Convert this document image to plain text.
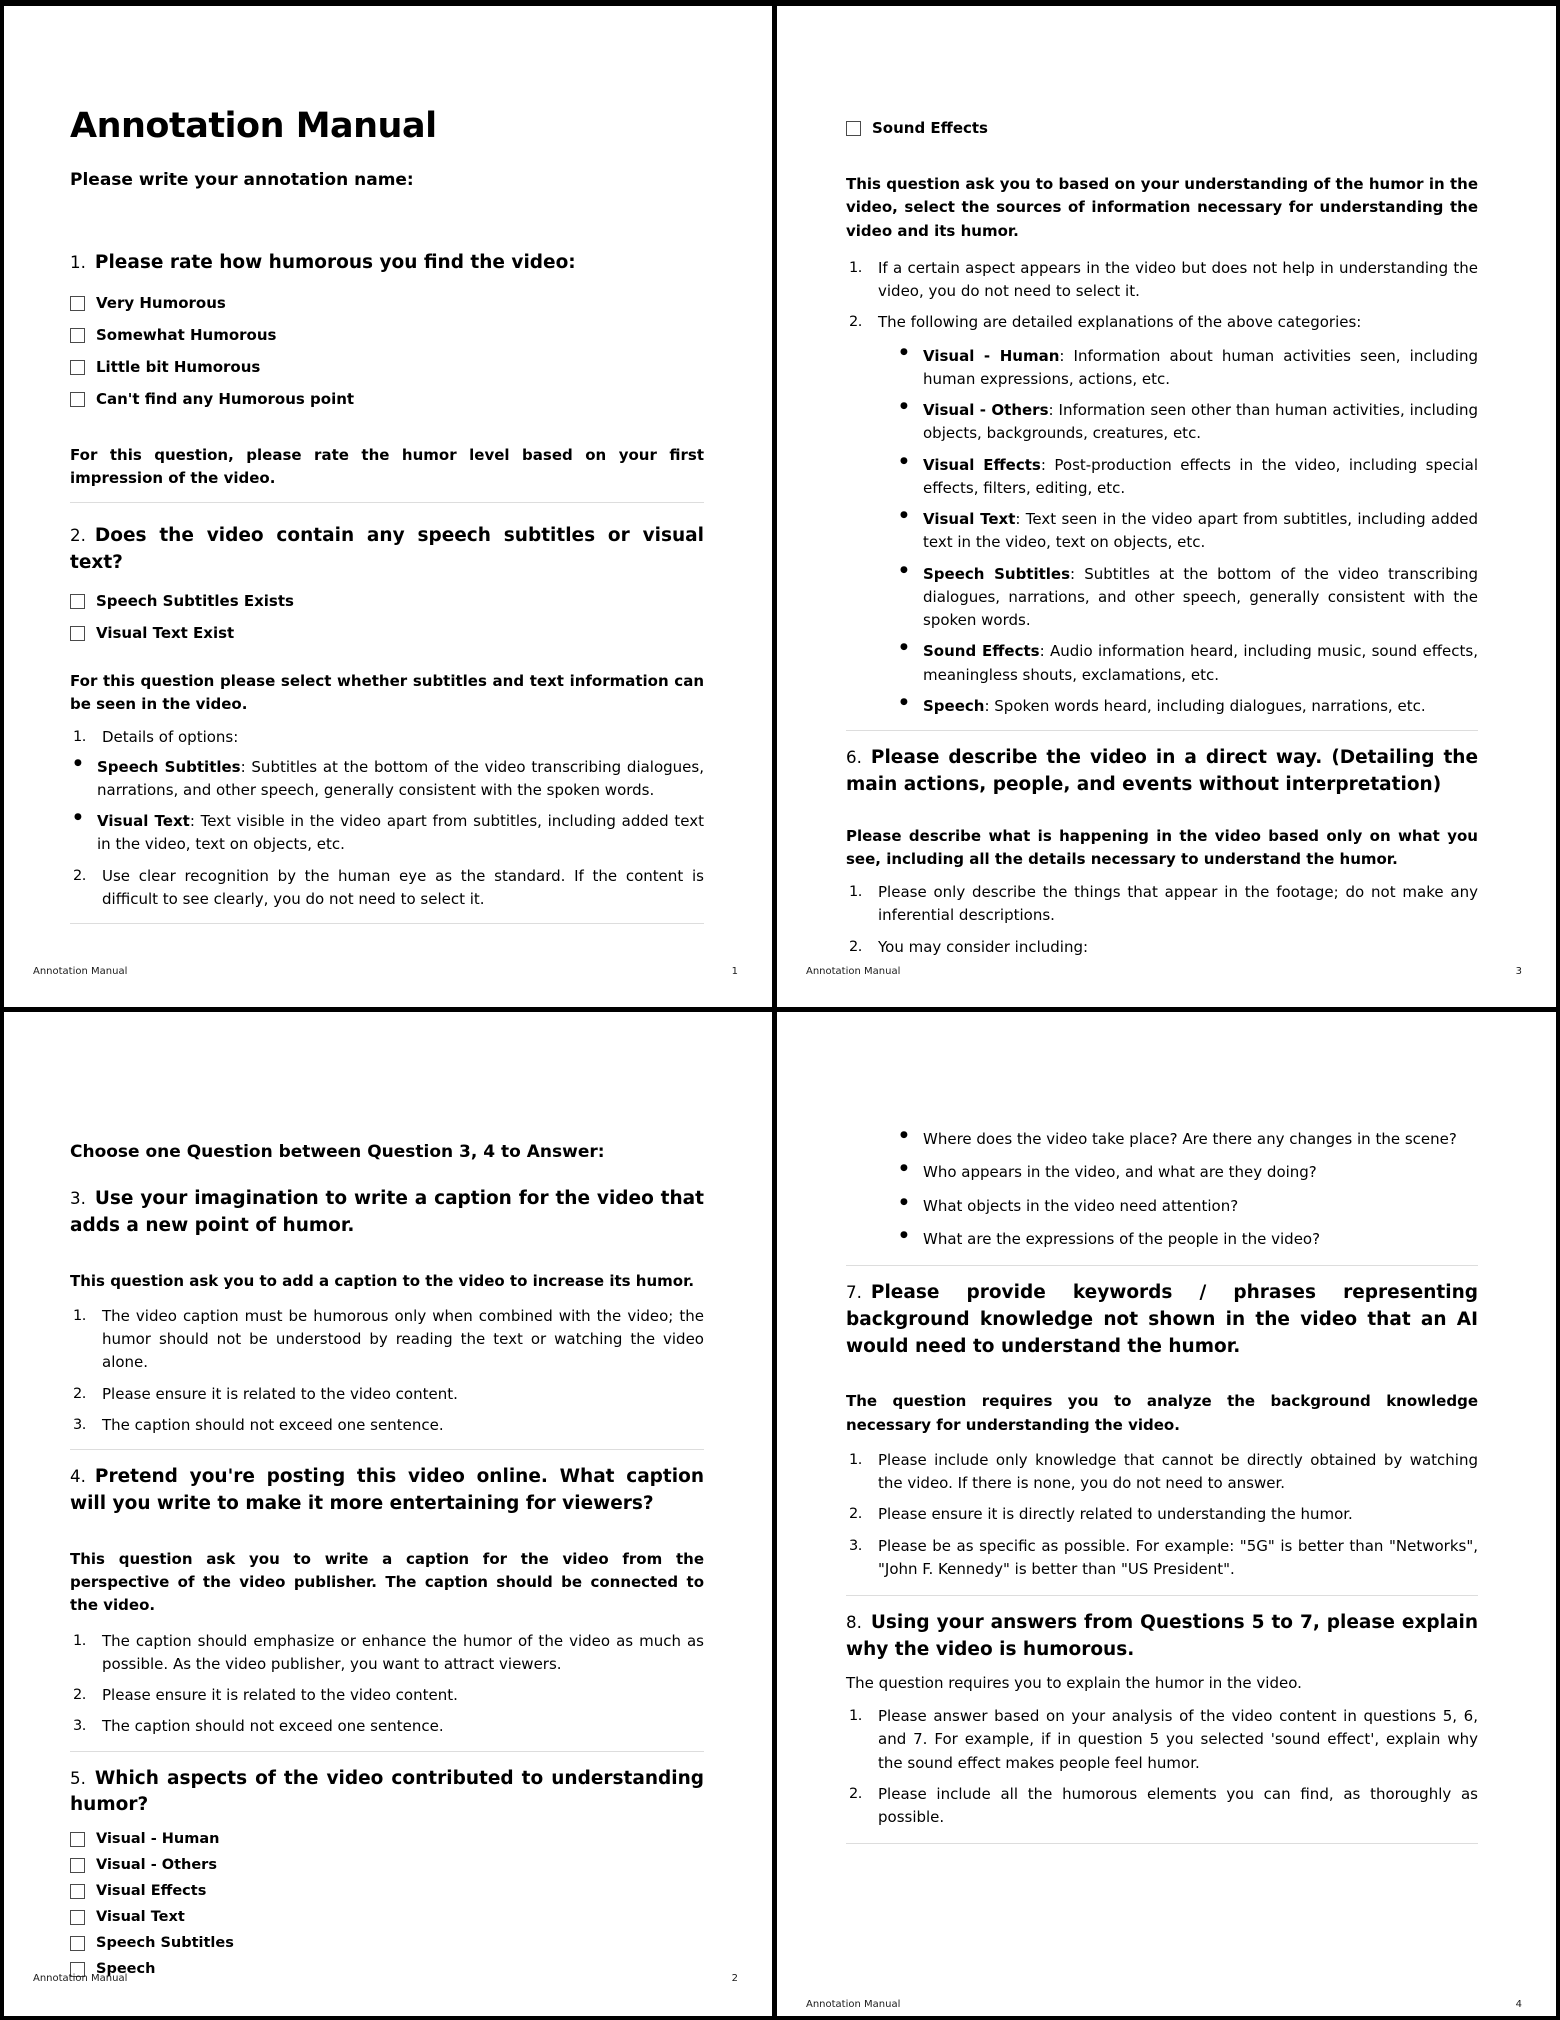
Annotation Manual
Please write your annotation name:
1. Please rate how humorous you find the video:
Very Humorous
Somewhat Humorous
Little bit Humorous
Can't find any Humorous point
For this question, please rate the humor level based on your first impression of the video.
2. Does the video contain any speech subtitles or visual text?
Speech Subtitles Exists
Visual Text Exist
For this question please select whether subtitles and text information can be seen in the video.
1. Details of options:
● Speech Subtitles: Subtitles at the bottom of the video transcribing dialogues, narrations, and other speech, generally consistent with the spoken words.
● Visual Text: Text visible in the video apart from subtitles, including added text in the video, text on objects, etc.
2. Use clear recognition by the human eye as the standard. If the content is difficult to see clearly, you do not need to select it.
Annotation Manual	1
Sound Effects
This question ask you to based on your understanding of the humor in the video, select the sources of information necessary for understanding the video and its humor.
1. If a certain aspect appears in the video but does not help in understanding the video, you do not need to select it.
2. The following are detailed explanations of the above categories:
● Visual - Human: Information about human activities seen, including human expressions, actions, etc.
● Visual - Others: Information seen other than human activities, including objects, backgrounds, creatures, etc.
● Visual Effects: Post-production effects in the video, including special effects, filters, editing, etc.
● Visual Text: Text seen in the video apart from subtitles, including added text in the video, text on objects, etc.
● Speech Subtitles: Subtitles at the bottom of the video transcribing dialogues, narrations, and other speech, generally consistent with the spoken words.
● Sound Effects: Audio information heard, including music, sound effects, meaningless shouts, exclamations, etc.
● Speech: Spoken words heard, including dialogues, narrations, etc.
6. Please describe the video in a direct way. (Detailing the main actions, people, and events without interpretation)
Please describe what is happening in the video based only on what you see, including all the details necessary to understand the humor.
1. Please only describe the things that appear in the footage; do not make any inferential descriptions.
2. You may consider including:
Annotation Manual	3
Choose one Question between Question 3, 4 to Answer:
3. Use your imagination to write a caption for the video that adds a new point of humor.
This question ask you to add a caption to the video to increase its humor.
1. The video caption must be humorous only when combined with the video; the humor should not be understood by reading the text or watching the video alone.
2. Please ensure it is related to the video content.
3. The caption should not exceed one sentence.
4. Pretend you're posting this video online. What caption will you write to make it more entertaining for viewers?
This question ask you to write a caption for the video from the perspective of the video publisher. The caption should be connected to the video.
1. The caption should emphasize or enhance the humor of the video as much as possible. As the video publisher, you want to attract viewers.
2. Please ensure it is related to the video content.
3. The caption should not exceed one sentence.
5. Which aspects of the video contributed to understanding humor?
Visual - Human
Visual - Others
Visual Effects
Visual Text
Speech Subtitles
Speech
Annotation Manual	2
● Where does the video take place? Are there any changes in the scene?
● Who appears in the video, and what are they doing?
● What objects in the video need attention?
● What are the expressions of the people in the video?
7. Please provide keywords / phrases representing background knowledge not shown in the video that an AI would need to understand the humor.
The question requires you to analyze the background knowledge necessary for understanding the video.
1. Please include only knowledge that cannot be directly obtained by watching the video. If there is none, you do not need to answer.
2. Please ensure it is directly related to understanding the humor.
3. Please be as specific as possible. For example: "5G" is better than "Networks", "John F. Kennedy" is better than "US President".
8. Using your answers from Questions 5 to 7, please explain why the video is humorous.
The question requires you to explain the humor in the video.
1. Please answer based on your analysis of the video content in questions 5, 6, and 7. For example, if in question 5 you selected 'sound effect', explain why the sound effect makes people feel humor.
2. Please include all the humorous elements you can find, as thoroughly as possible.
Annotation Manual	4
